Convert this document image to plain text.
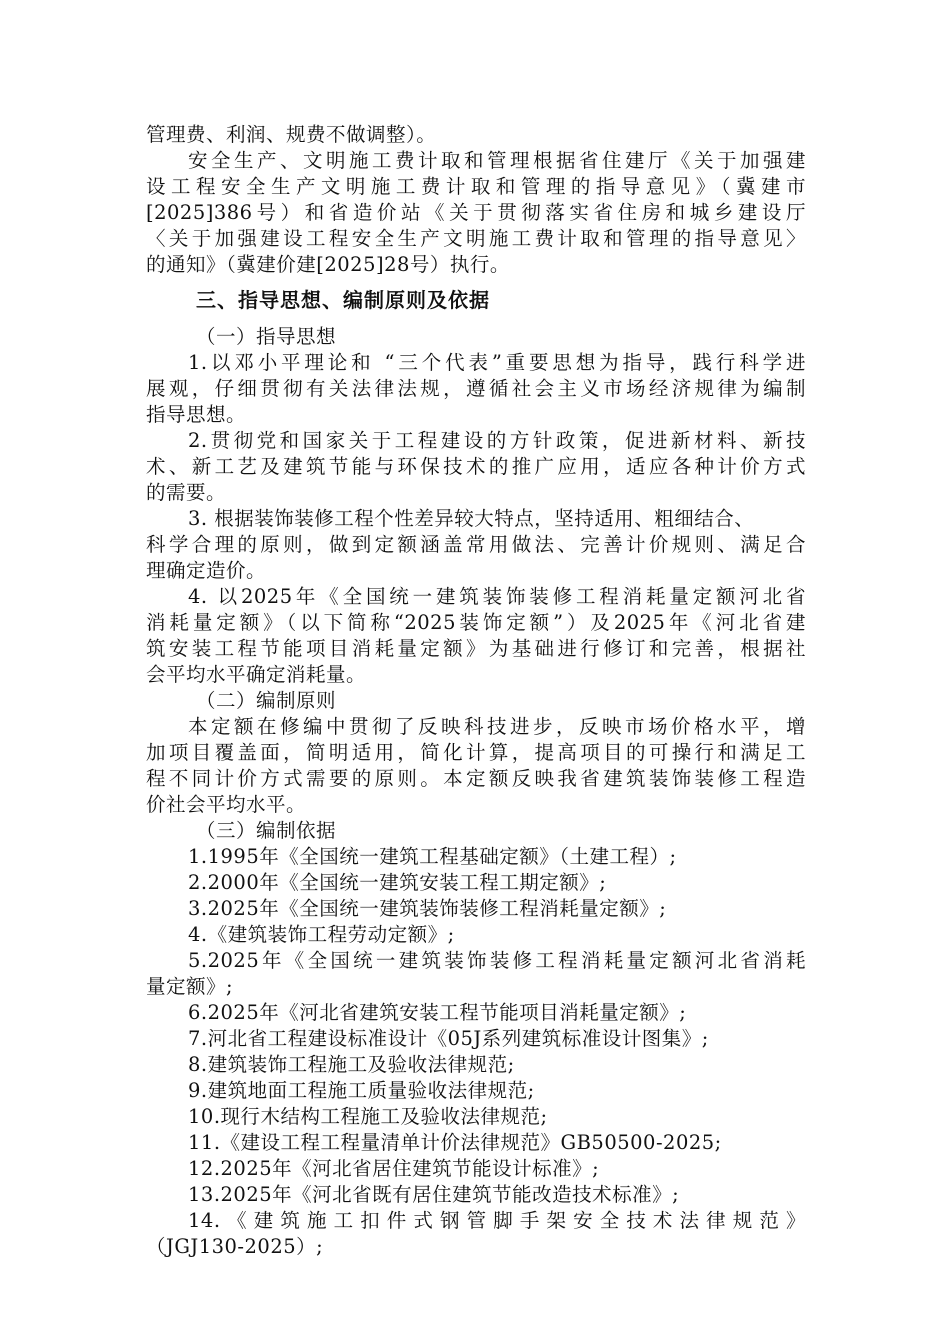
管理费、利润、规费不做调整）。
安全生产、文明施工费计取和管理根据省住建厅《关于加强建
设工程安全生产文明施工费计取和管理的指导意见》（冀建市
[2025]386号）和省造价站《关于贯彻落实省住房和城乡建设厅
〈关于加强建设工程安全生产文明施工费计取和管理的指导意见〉
的通知》（冀建价建[2025]28号）执行。
三、指导思想、编制原则及依据
（一）指导思想
1.以邓小平理论和 “三个代表”重要思想为指导，践行科学进
展观，仔细贯彻有关法律法规，遵循社会主义市场经济规律为编制
指导思想。
2.贯彻党和国家关于工程建设的方针政策，促进新材料、新技
术、新工艺及建筑节能与环保技术的推广应用，适应各种计价方式
的需要。
3. 根据装饰装修工程个性差异较大特点，坚持适用、粗细结合、
科学合理的原则，做到定额涵盖常用做法、完善计价规则、满足合
理确定造价。
4. 以2025年《全国统一建筑装饰装修工程消耗量定额河北省
消耗量定额》（以下简称“2025装饰定额”）及2025年《河北省建
筑安装工程节能项目消耗量定额》为基础进行修订和完善，根据社
会平均水平确定消耗量。
（二）编制原则
本定额在修编中贯彻了反映科技进步，反映市场价格水平，增
加项目覆盖面，简明适用，简化计算，提高项目的可操行和满足工
程不同计价方式需要的原则。本定额反映我省建筑装饰装修工程造
价社会平均水平。
（三）编制依据
1.1995年《全国统一建筑工程基础定额》（土建工程）;
2.2000年《全国统一建筑安装工程工期定额》;
3.2025年《全国统一建筑装饰装修工程消耗量定额》;
4.《建筑装饰工程劳动定额》;
5.2025年《全国统一建筑装饰装修工程消耗量定额河北省消耗
量定额》;
6.2025年《河北省建筑安装工程节能项目消耗量定额》;
7.河北省工程建设标准设计《05J系列建筑标准设计图集》;
8.建筑装饰工程施工及验收法律规范;
9.建筑地面工程施工质量验收法律规范;
10.现行木结构工程施工及验收法律规范;
11.《建设工程工程量清单计价法律规范》GB50500-2025;
12.2025年《河北省居住建筑节能设计标准》;
13.2025年《河北省既有居住建筑节能改造技术标准》;
14.《建筑施工扣件式钢管脚手架安全技术法律规范》
（JGJ130-2025）;
